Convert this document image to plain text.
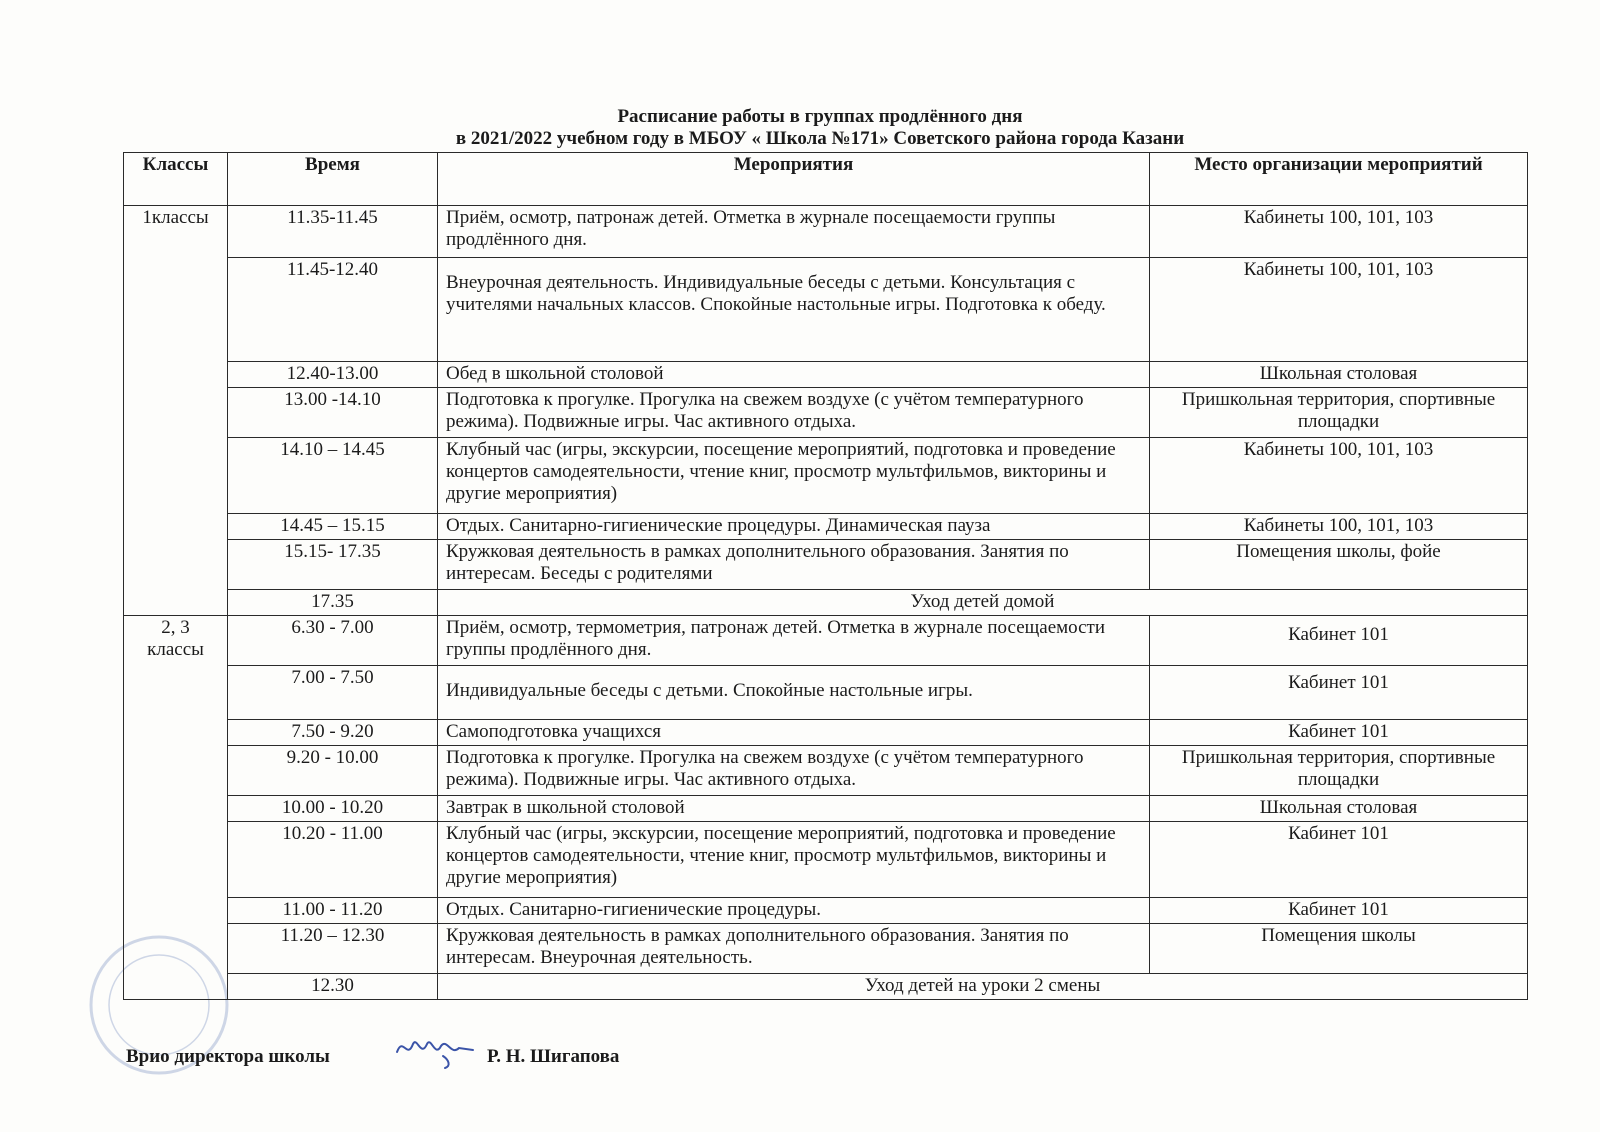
Расписание работы в группах продлённого дня
в 2021/2022 учебном году в МБОУ « Школа №171» Советского района города Казани
Классы	Время	Мероприятия	Место организации мероприятий
1классы	11.35-11.45	Приём, осмотр, патронаж детей. Отметка в журнале посещаемости группы продлённого дня.	Кабинеты 100, 101, 103
	11.45-12.40	Внеурочная деятельность. Индивидуальные беседы с детьми. Консультация с учителями начальных классов. Спокойные настольные игры. Подготовка к обеду.	Кабинеты 100, 101, 103
	12.40-13.00	Обед в школьной столовой	Школьная столовая
	13.00 -14.10	Подготовка к прогулке. Прогулка на свежем воздухе (с учётом температурного режима). Подвижные игры. Час активного отдыха.	Пришкольная территория, спортивные площадки
	14.10 – 14.45	Клубный час (игры, экскурсии, посещение мероприятий, подготовка и проведение концертов самодеятельности, чтение книг, просмотр мультфильмов, викторины и другие мероприятия)	Кабинеты 100, 101, 103
	14.45 – 15.15	Отдых. Санитарно-гигиенические процедуры. Динамическая пауза	Кабинеты 100, 101, 103
	15.15- 17.35	Кружковая деятельность в рамках дополнительного образования. Занятия по интересам. Беседы с родителями	Помещения школы, фойе
	17.35	Уход детей домой	
2, 3 классы	6.30 - 7.00	Приём, осмотр, термометрия, патронаж детей. Отметка в журнале посещаемости группы продлённого дня.	Кабинет 101
	7.00 - 7.50	Индивидуальные беседы с детьми. Спокойные настольные игры.	Кабинет 101
	7.50 - 9.20	Самоподготовка учащихся	Кабинет 101
	9.20 - 10.00	Подготовка к прогулке. Прогулка на свежем воздухе (с учётом температурного режима). Подвижные игры. Час активного отдыха.	Пришкольная территория, спортивные площадки
	10.00 - 10.20	Завтрак в школьной столовой	Школьная столовая
	10.20 - 11.00	Клубный час (игры, экскурсии, посещение мероприятий, подготовка и проведение концертов самодеятельности, чтение книг, просмотр мультфильмов, викторины и другие мероприятия)	Кабинет 101
	11.00 - 11.20	Отдых. Санитарно-гигиенические процедуры.	Кабинет 101
	11.20 – 12.30	Кружковая деятельность в рамках дополнительного образования. Занятия по интересам. Внеурочная деятельность.	Помещения школы
	12.30	Уход детей на уроки 2 смены	
Врио директора школы	Р. Н. Шигапова
